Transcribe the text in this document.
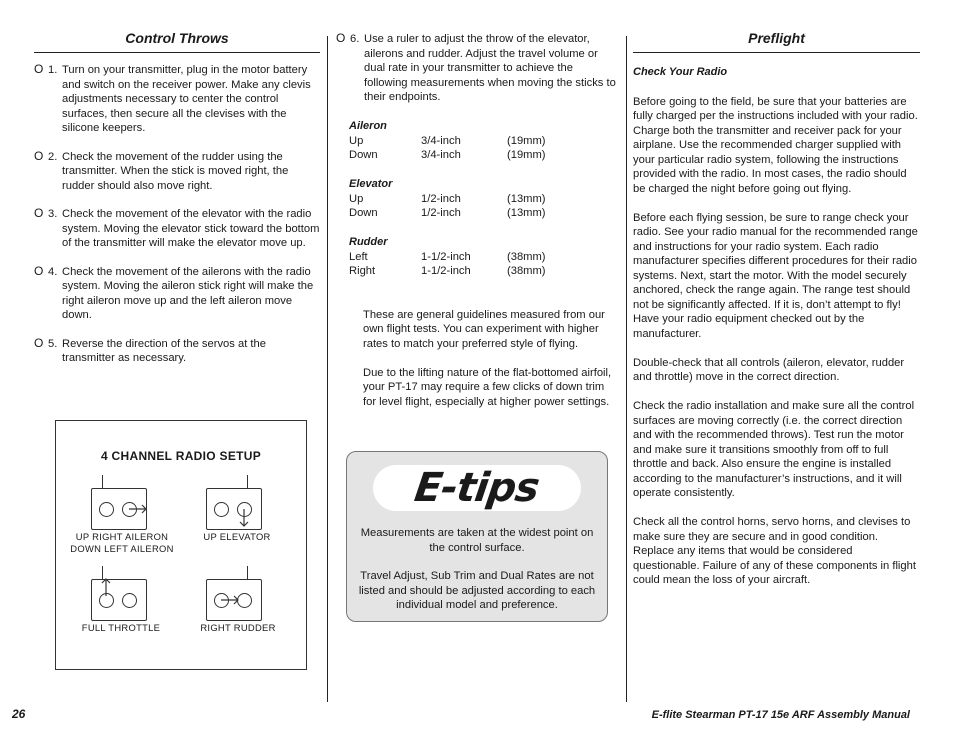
Control Throws
O 1. Turn on your transmitter, plug in the motor battery and switch on the receiver power. Make any clevis adjustments necessary to center the control surfaces, then secure all the clevises with the silicone keepers.
O 2. Check the movement of the rudder using the transmitter. When the stick is moved right, the rudder should also move right.
O 3. Check the movement of the elevator with the radio system. Moving the elevator stick toward the bottom of the transmitter will make the elevator move up.
O 4. Check the movement of the ailerons with the radio system. Moving the aileron stick right will make the right aileron move up and the left aileron move down.
O 5. Reverse the direction of the servos at the transmitter as necessary.
4 CHANNEL RADIO SETUP
UP RIGHT AILERON
DOWN LEFT AILERON
UP ELEVATOR
FULL THROTTLE	RIGHT RUDDER
O 6. Use a ruler to adjust the throw of the elevator, ailerons and rudder. Adjust the travel volume or dual rate in your transmitter to achieve the following measurements when moving the sticks to their endpoints.
Aileron
Up	3/4-inch	(19mm)
Down	3/4-inch	(19mm)
Elevator
Up	1/2-inch	(13mm)
Down	1/2-inch	(13mm)
Rudder
Left	1-1/2-inch	(38mm)
Right	1-1/2-inch	(38mm)

These are general guidelines measured from our own flight tests. You can experiment with higher rates to match your preferred style of flying.

Due to the lifting nature of the flat-bottomed airfoil, your PT-17 may require a few clicks of down trim for level flight, especially at higher power settings.

E-tips
Measurements are taken at the widest point on the control surface.
Travel Adjust, Sub Trim and Dual Rates are not listed and should be adjusted according to each individual model and preference.
Preflight
Check Your Radio

Before going to the field, be sure that your batteries are fully charged per the instructions included with your radio. Charge both the transmitter and receiver pack for your airplane. Use the recommended charger supplied with your particular radio system, following the instructions provided with the radio. In most cases, the radio should be charged the night before going out flying.

Before each flying session, be sure to range check your radio. See your radio manual for the recommended range and instructions for your radio system. Each radio manufacturer specifies different procedures for their radio systems. Next, start the motor. With the model securely anchored, check the range again. The range test should not be significantly affected. If it is, don’t attempt to fly! Have your radio equipment checked out by the manufacturer.

Double-check that all controls (aileron, elevator, rudder and throttle) move in the correct direction.

Check the radio installation and make sure all the control surfaces are moving correctly (i.e. the correct direction and with the recommended throws). Test run the motor and make sure it transitions smoothly from off to full throttle and back. Also ensure the engine is installed according to the manufacturer’s instructions, and it will operate consistently.

Check all the control horns, servo horns, and clevises to make sure they are secure and in good condition. Replace any items that would be considered questionable. Failure of any of these components in flight could mean the loss of your aircraft.

26	E-flite Stearman PT-17 15e ARF Assembly Manual
